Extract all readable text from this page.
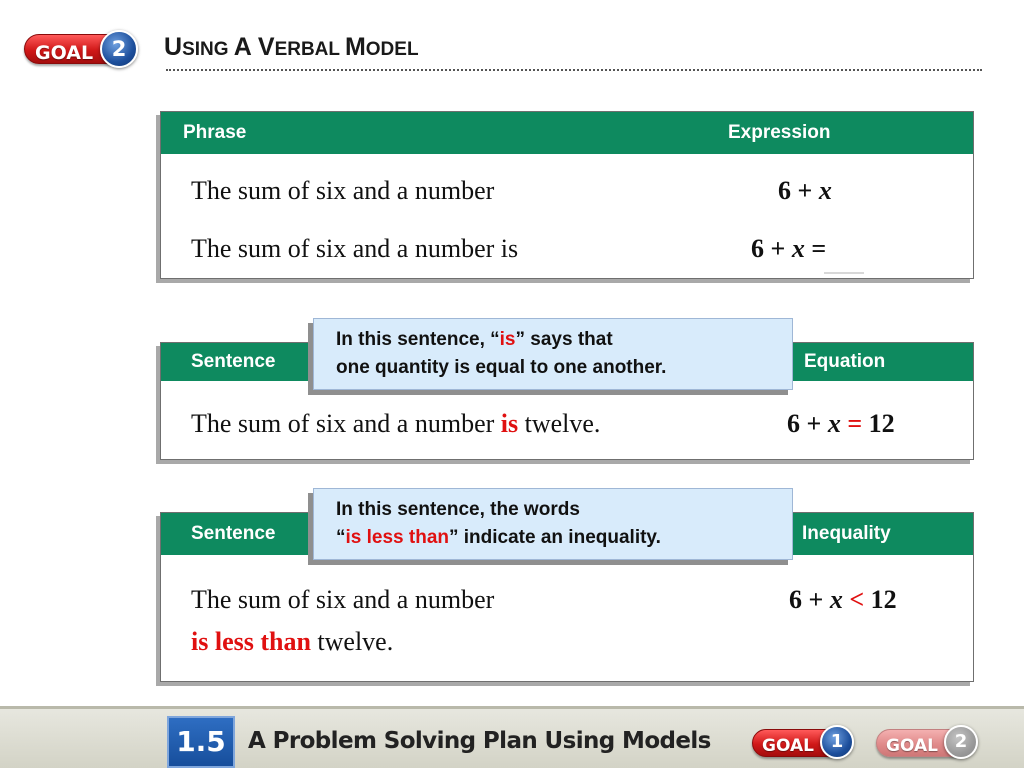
GOAL 2	USING A VERBAL MODEL
Phrase	Expression
The sum of six and a number	6 + x
The sum of six and a number is	6 + x =
Sentence	Equation
The sum of six and a number is twelve.	6 + x = 12
In this sentence, “is” says that
one quantity is equal to one another.
Sentence	Inequality
The sum of six and a number
is less than twelve.
6 + x < 12
In this sentence, the words
“is less than” indicate an inequality.
1.5 A Problem Solving Plan Using Models	GOAL 1	GOAL 2
